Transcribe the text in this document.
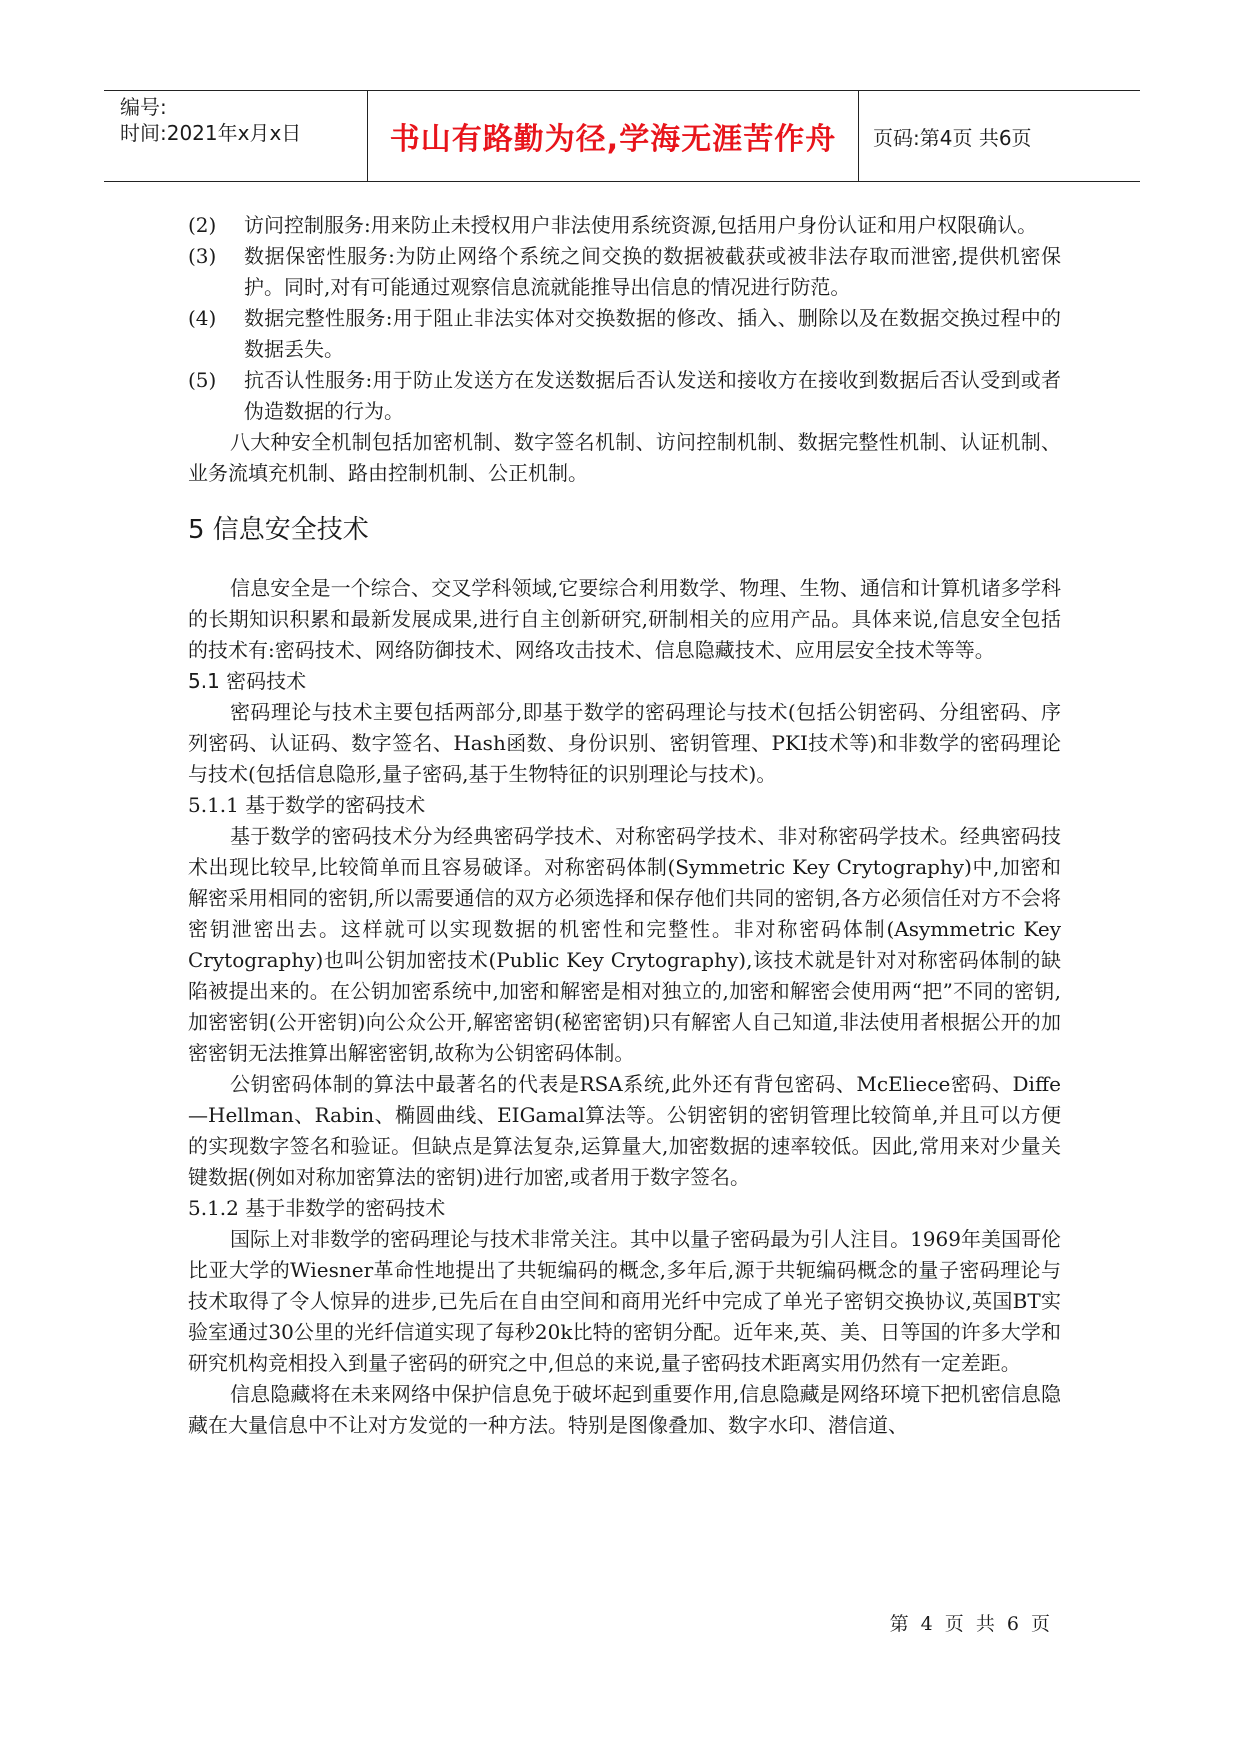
编号:
时间:2021年x月x日	书山有路勤为径,学海无涯苦作舟 页码:第4页 共6页
(2) 访问控制服务:用来防止未授权用户非法使用系统资源,包括用户身份认证和用户权限确认。
(3) 数据保密性服务:为防止网络个系统之间交换的数据被截获或被非法存取而泄密,提供机密保护。同时,对有可能通过观察信息流就能推导出信息的情况进行防范。
(4) 数据完整性服务:用于阻止非法实体对交换数据的修改、插入、删除以及在数据交换过程中的数据丢失。
(5) 抗否认性服务:用于防止发送方在发送数据后否认发送和接收方在接收到数据后否认受到或者伪造数据的行为。
八大种安全机制包括加密机制、数字签名机制、访问控制机制、数据完整性机制、认证机制、业务流填充机制、路由控制机制、公正机制。
5 信息安全技术
信息安全是一个综合、交叉学科领域,它要综合利用数学、物理、生物、通信和计算机诸多学科的长期知识积累和最新发展成果,进行自主创新研究,研制相关的应用产品。具体来说,信息安全包括的技术有:密码技术、网络防御技术、网络攻击技术、信息隐藏技术、应用层安全技术等等。
5.1 密码技术
密码理论与技术主要包括两部分,即基于数学的密码理论与技术(包括公钥密码、分组密码、序列密码、认证码、数字签名、Hash函数、身份识别、密钥管理、PKI技术等)和非数学的密码理论与技术(包括信息隐形,量子密码,基于生物特征的识别理论与技术)。
5.1.1 基于数学的密码技术
基于数学的密码技术分为经典密码学技术、对称密码学技术、非对称密码学技术。经典密码技术出现比较早,比较简单而且容易破译。对称密码体制(Symmetric Key Crytography)中,加密和解密采用相同的密钥,所以需要通信的双方必须选择和保存他们共同的密钥,各方必须信任对方不会将密钥泄密出去。这样就可以实现数据的机密性和完整性。非对称密码体制(Asymmetric Key Crytography)也叫公钥加密技术(Public Key Crytography),该技术就是针对对称密码体制的缺陷被提出来的。在公钥加密系统中,加密和解密是相对独立的,加密和解密会使用两“把”不同的密钥,加密密钥(公开密钥)向公众公开,解密密钥(秘密密钥)只有解密人自己知道,非法使用者根据公开的加密密钥无法推算出解密密钥,故称为公钥密码体制。
公钥密码体制的算法中最著名的代表是RSA系统,此外还有背包密码、McEliece密码、Diffe—Hellman、Rabin、椭圆曲线、EIGamal算法等。公钥密钥的密钥管理比较简单,并且可以方便的实现数字签名和验证。但缺点是算法复杂,运算量大,加密数据的速率较低。因此,常用来对少量关键数据(例如对称加密算法的密钥)进行加密,或者用于数字签名。
5.1.2 基于非数学的密码技术
国际上对非数学的密码理论与技术非常关注。其中以量子密码最为引人注目。1969年美国哥伦比亚大学的Wiesner革命性地提出了共轭编码的概念,多年后,源于共轭编码概念的量子密码理论与技术取得了令人惊异的进步,已先后在自由空间和商用光纤中完成了单光子密钥交换协议,英国BT实验室通过30公里的光纤信道实现了每秒20k比特的密钥分配。近年来,英、美、日等国的许多大学和研究机构竞相投入到量子密码的研究之中,但总的来说,量子密码技术距离实用仍然有一定差距。
信息隐藏将在未来网络中保护信息免于破坏起到重要作用,信息隐藏是网络环境下把机密信息隐藏在大量信息中不让对方发觉的一种方法。特别是图像叠加、数字水印、潜信道、
第 4 页 共 6 页
